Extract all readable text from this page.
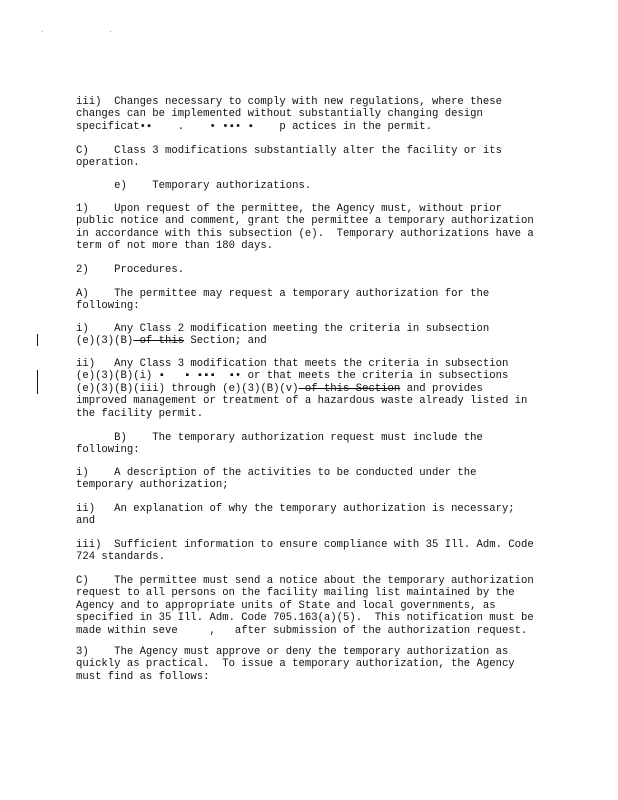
. .
iii)  Changes necessary to comply with new regulations, where these
changes can be implemented without substantially changing design
specificat•▪    .    • •▪• ▪    p actices in the permit.
C)    Class 3 modifications substantially alter the facility or its
operation.
e)    Temporary authorizations.
1)    Upon request of the permittee, the Agency must, without prior
public notice and comment, grant the permittee a temporary authorization
in accordance with this subsection (e).  Temporary authorizations have a
term of not more than 180 days.
2)    Procedures.
A)    The permittee may request a temporary authorization for the
following:
i)    Any Class 2 modification meeting the criteria in subsection
(e)(3)(B) of this Section; and
ii)   Any Class 3 modification that meets the criteria in subsection
(e)(3)(B)(i) ▪   ▪ ▪▪▪  ▪• or that meets the criteria in subsections
(e)(3)(B)(iii) through (e)(3)(B)(v) of this Section and provides
improved management or treatment of a hazardous waste already listed in
the facility permit.
B)    The temporary authorization request must include the
following:
i)    A description of the activities to be conducted under the
temporary authorization;
ii)   An explanation of why the temporary authorization is necessary;
and
iii)  Sufficient information to ensure compliance with 35 Ill. Adm. Code
724 standards.
C)    The permittee must send a notice about the temporary authorization
request to all persons on the facility mailing list maintained by the
Agency and to appropriate units of State and local governments, as
specified in 35 Ill. Adm. Code 705.163(a)(5).  This notification must be
made within seve     ,   after submission of the authorization request.
3)    The Agency must approve or deny the temporary authorization as
quickly as practical.  To issue a temporary authorization, the Agency
must find as follows:
